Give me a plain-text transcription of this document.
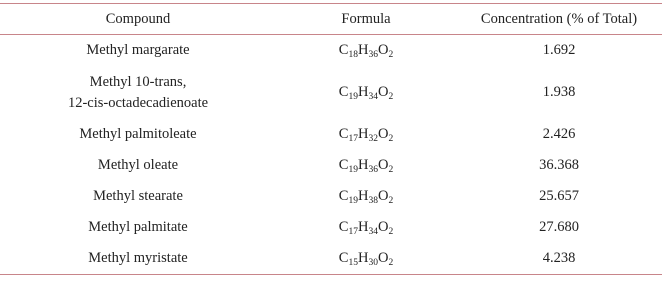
Compound	Formula	Concentration (% of Total)

Methyl margarate	$C_{18}H_{36}O_2$	1.692

Methyl 10-trans,
12-cis-octadecadienoate	$C_{19}H_{34}O_2$	1.938

Methyl palmitoleate	$C_{17}H_{32}O_2$	2.426

Methyl oleate	$C_{19}H_{36}O_2$	36.368

Methyl stearate	$C_{19}H_{38}O_2$	25.657

Methyl palmitate	$C_{17}H_{34}O_2$	27.680

Methyl myristate	$C_{15}H_{30}O_2$	4.238
